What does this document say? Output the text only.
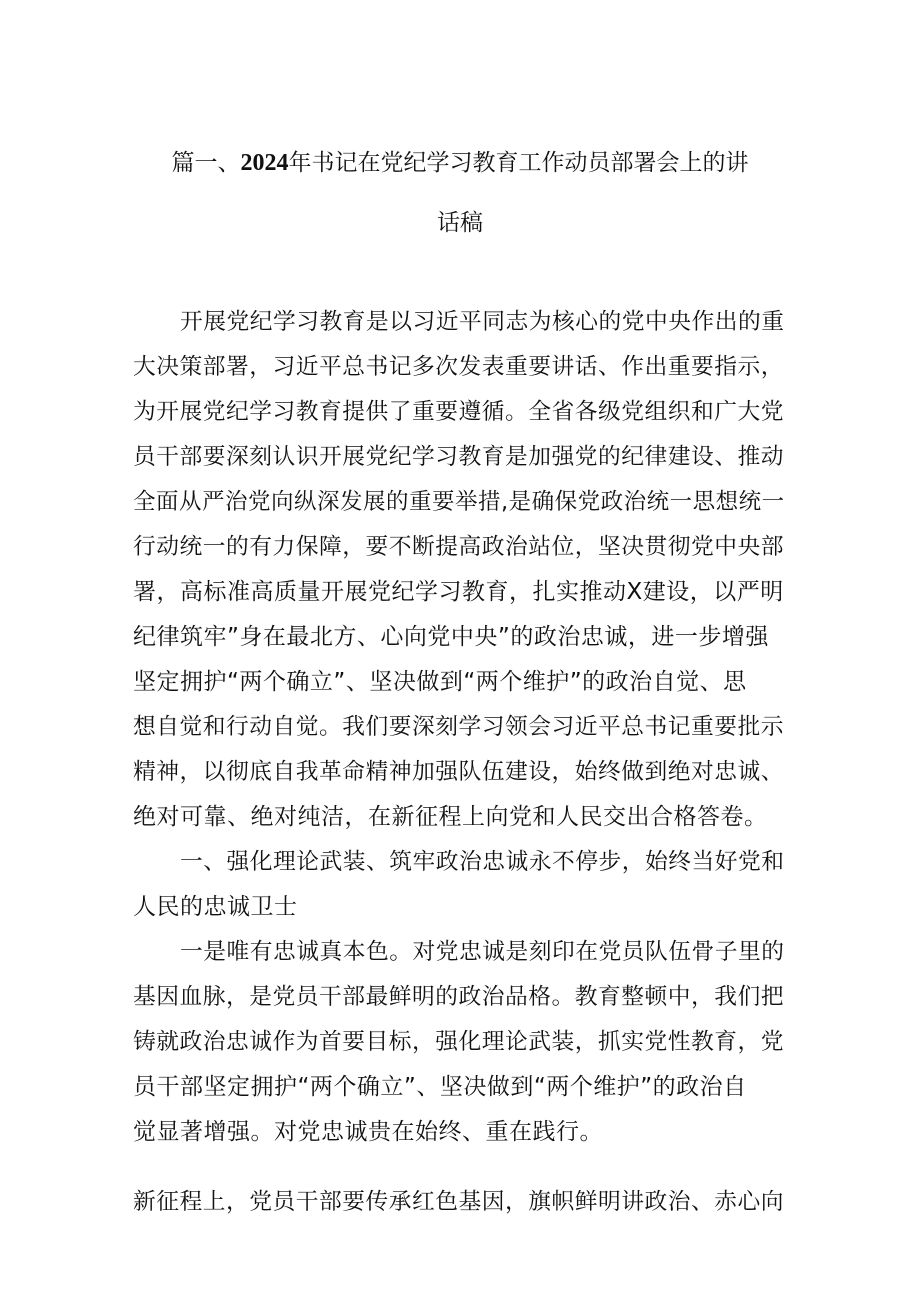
篇一、2024年书记在党纪学习教育工作动员部署会上的讲
话稿
开展党纪学习教育是以习近平同志为核心的党中央作出的重
大决策部署，习近平总书记多次发表重要讲话、作出重要指示，
为开展党纪学习教育提供了重要遵循。全省各级党组织和广大党
员干部要深刻认识开展党纪学习教育是加强党的纪律建设、推动
全面从严治党向纵深发展的重要举措,是确保党政治统一思想统一
行动统一的有力保障，要不断提高政治站位，坚决贯彻党中央部
署，高标准高质量开展党纪学习教育，扎实推动X建设，以严明
纪律筑牢”身在最北方、心向党中央”的政治忠诚，进一步增强
坚定拥护“两个确立”、坚决做到“两个维护”的政治自觉、思
想自觉和行动自觉。我们要深刻学习领会习近平总书记重要批示
精神，以彻底自我革命精神加强队伍建设，始终做到绝对忠诚、
绝对可靠、绝对纯洁，在新征程上向党和人民交出合格答卷。
一、强化理论武装、筑牢政治忠诚永不停步，始终当好党和
人民的忠诚卫士
一是唯有忠诚真本色。对党忠诚是刻印在党员队伍骨子里的
基因血脉，是党员干部最鲜明的政治品格。教育整顿中，我们把
铸就政治忠诚作为首要目标，强化理论武装，抓实党性教育，党
员干部坚定拥护“两个确立”、坚决做到“两个维护”的政治自
觉显著增强。对党忠诚贵在始终、重在践行。
新征程上，党员干部要传承红色基因，旗帜鲜明讲政治、赤心向
